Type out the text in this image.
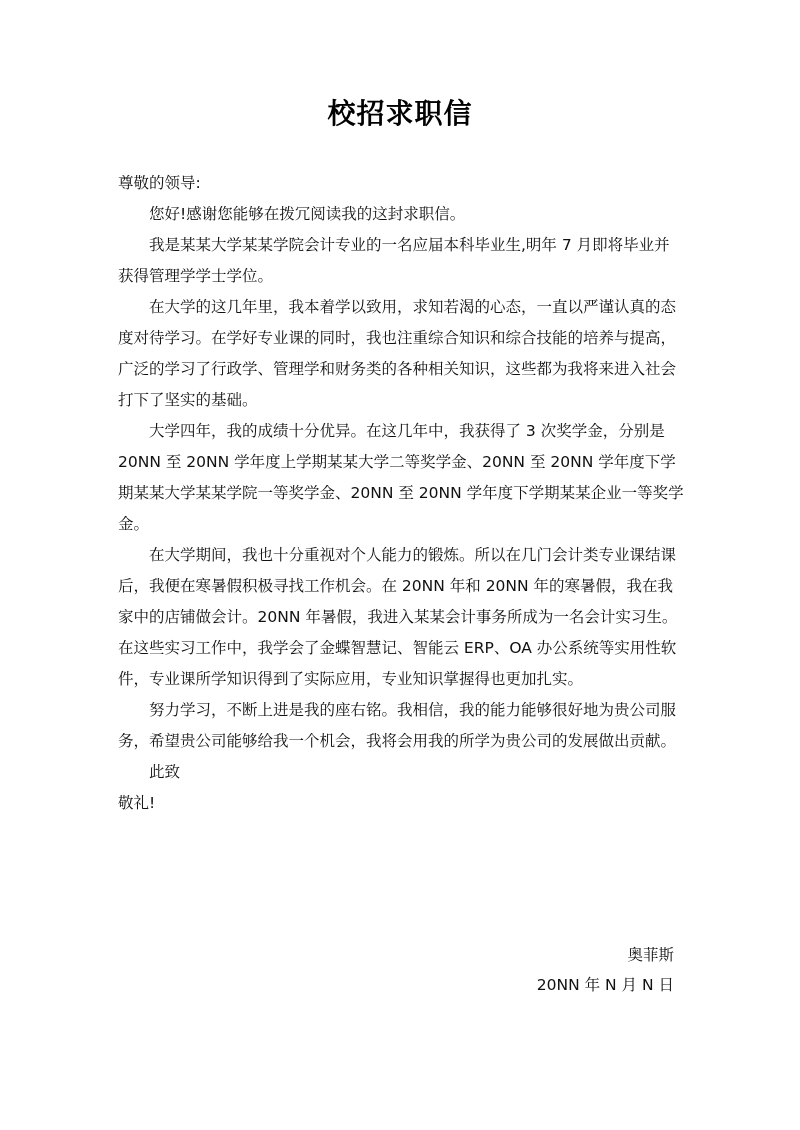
校招求职信

尊敬的领导:

您好!感谢您能够在拨冗阅读我的这封求职信。

我是某某大学某某学院会计专业的一名应届本科毕业生,明年 7 月即将毕业并获得管理学学士学位。

在大学的这几年里，我本着学以致用，求知若渴的心态，一直以严谨认真的态度对待学习。在学好专业课的同时，我也注重综合知识和综合技能的培养与提高，广泛的学习了行政学、管理学和财务类的各种相关知识，这些都为我将来进入社会打下了坚实的基础。

大学四年，我的成绩十分优异。在这几年中，我获得了 3 次奖学金，分别是 20NN 至 20NN 学年度上学期某某大学二等奖学金、20NN 至 20NN 学年度下学期某某大学某某学院一等奖学金、20NN 至 20NN 学年度下学期某某企业一等奖学金。

在大学期间，我也十分重视对个人能力的锻炼。所以在几门会计类专业课结课后，我便在寒暑假积极寻找工作机会。在 20NN 年和 20NN 年的寒暑假，我在我家中的店铺做会计。20NN 年暑假，我进入某某会计事务所成为一名会计实习生。在这些实习工作中，我学会了金蝶智慧记、智能云 ERP、OA 办公系统等实用性软件，专业课所学知识得到了实际应用，专业知识掌握得也更加扎实。

努力学习，不断上进是我的座右铭。我相信，我的能力能够很好地为贵公司服务，希望贵公司能够给我一个机会，我将会用我的所学为贵公司的发展做出贡献。

此致

敬礼!

奥菲斯
20NN 年 N 月 N 日
